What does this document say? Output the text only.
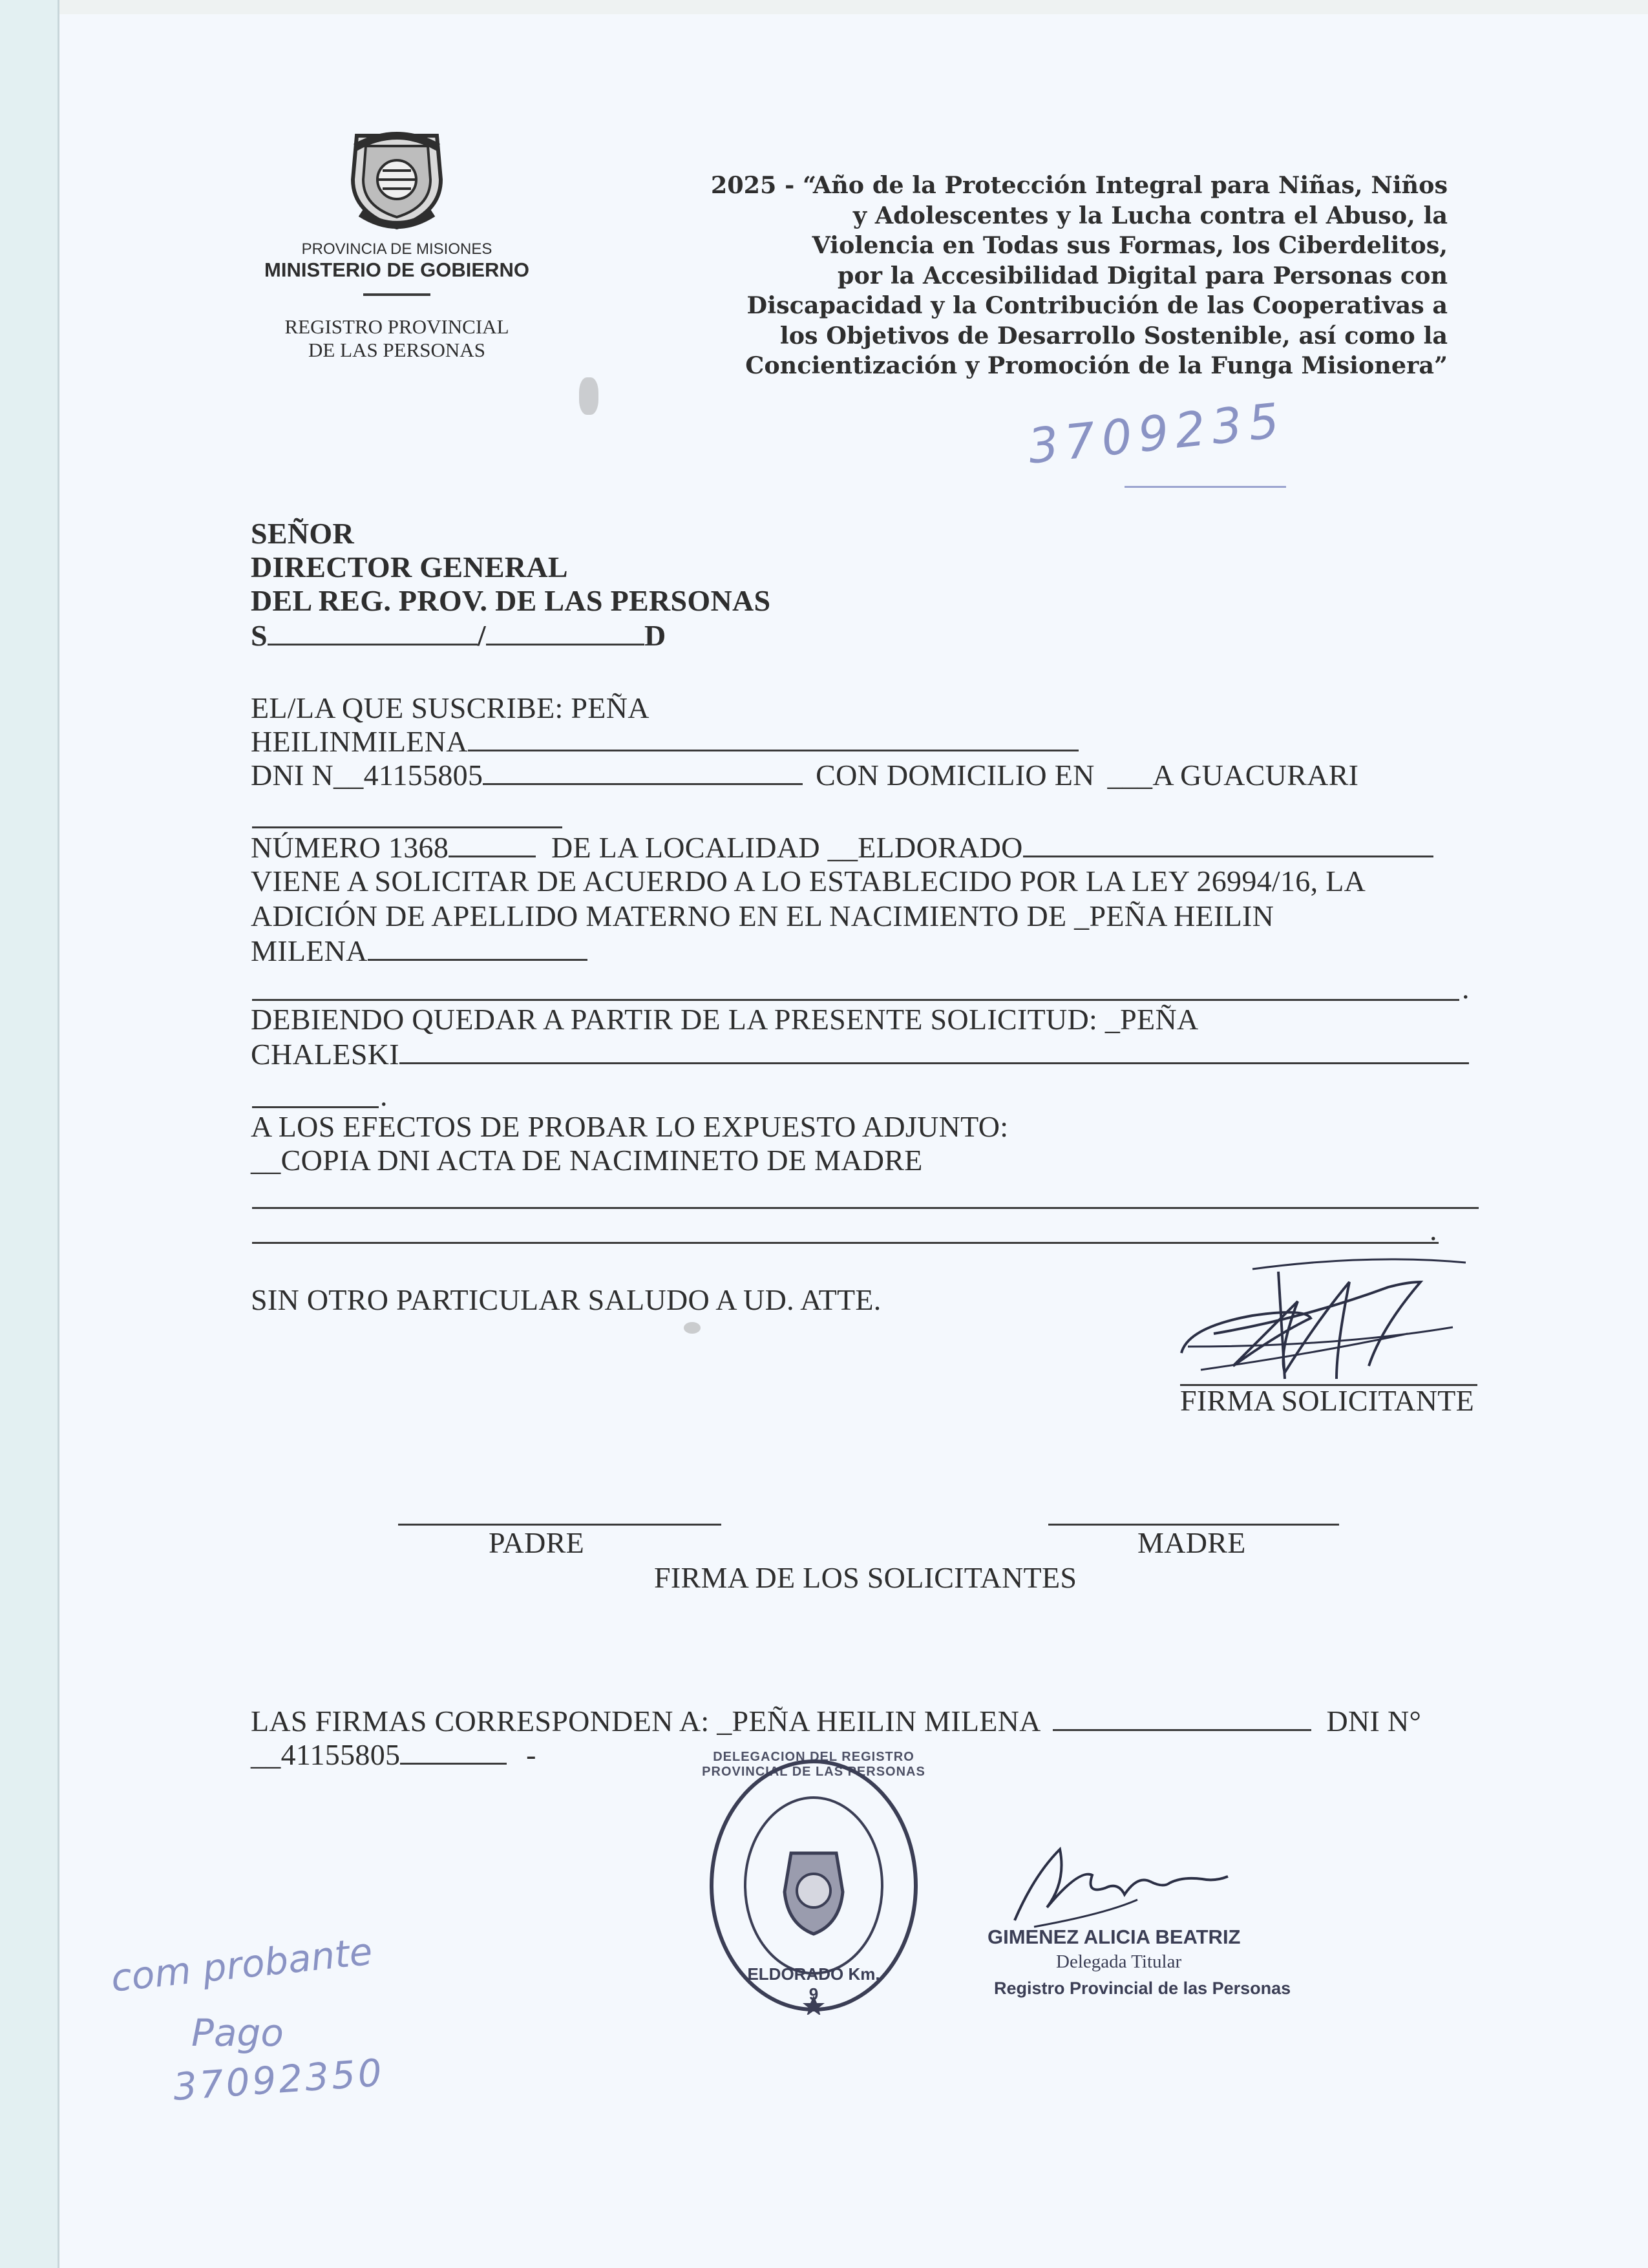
PROVINCIA DE MISIONES
MINISTERIO DE GOBIERNO
REGISTRO PROVINCIAL
DE LAS PERSONAS
2025 - “Año de la Protección Integral para Niñas, Niños
y Adolescentes y la Lucha contra el Abuso, la
Violencia en Todas sus Formas, los Ciberdelitos,
por la Accesibilidad Digital para Personas con
Discapacidad y la Contribución de las Cooperativas a
los Objetivos de Desarrollo Sostenible, así como la
Concientización y Promoción de la Funga Misionera”
3709235
SEÑOR
DIRECTOR GENERAL
DEL REG. PROV. DE LAS PERSONAS
S	/	D
EL/LA QUE SUSCRIBE: PEÑA
HEILINMILENA
DNI N__41155805	CON DOMICILIO EN ___A GUACURARI
NÚMERO 1368	DE LA LOCALIDAD __ELDORADO
VIENE A SOLICITAR DE ACUERDO A LO ESTABLECIDO POR LA LEY 26994/16, LA
ADICIÓN DE APELLIDO MATERNO EN EL NACIMIENTO DE _PEÑA HEILIN
MILENA
.
DEBIENDO QUEDAR A PARTIR DE LA PRESENTE SOLICITUD: _PEÑA
CHALESKI
.
A LOS EFECTOS DE PROBAR LO EXPUESTO ADJUNTO:
__COPIA DNI ACTA DE NACIMINETO DE MADRE
.
SIN OTRO PARTICULAR SALUDO A UD. ATTE.
FIRMA SOLICITANTE
PADRE	MADRE
FIRMA DE LOS SOLICITANTES
LAS FIRMAS CORRESPONDEN A: _PEÑA HEILIN MILENA	DNI N°
__41155805	-	DELEGACION DEL REGISTRO PROVINCIAL DE LAS PERSONAS
ELDORADO Km. 9
GIMENEZ ALICIA BEATRIZ
Delegada Titular
Registro Provincial de las Personas
com probante
Pago
37092350
